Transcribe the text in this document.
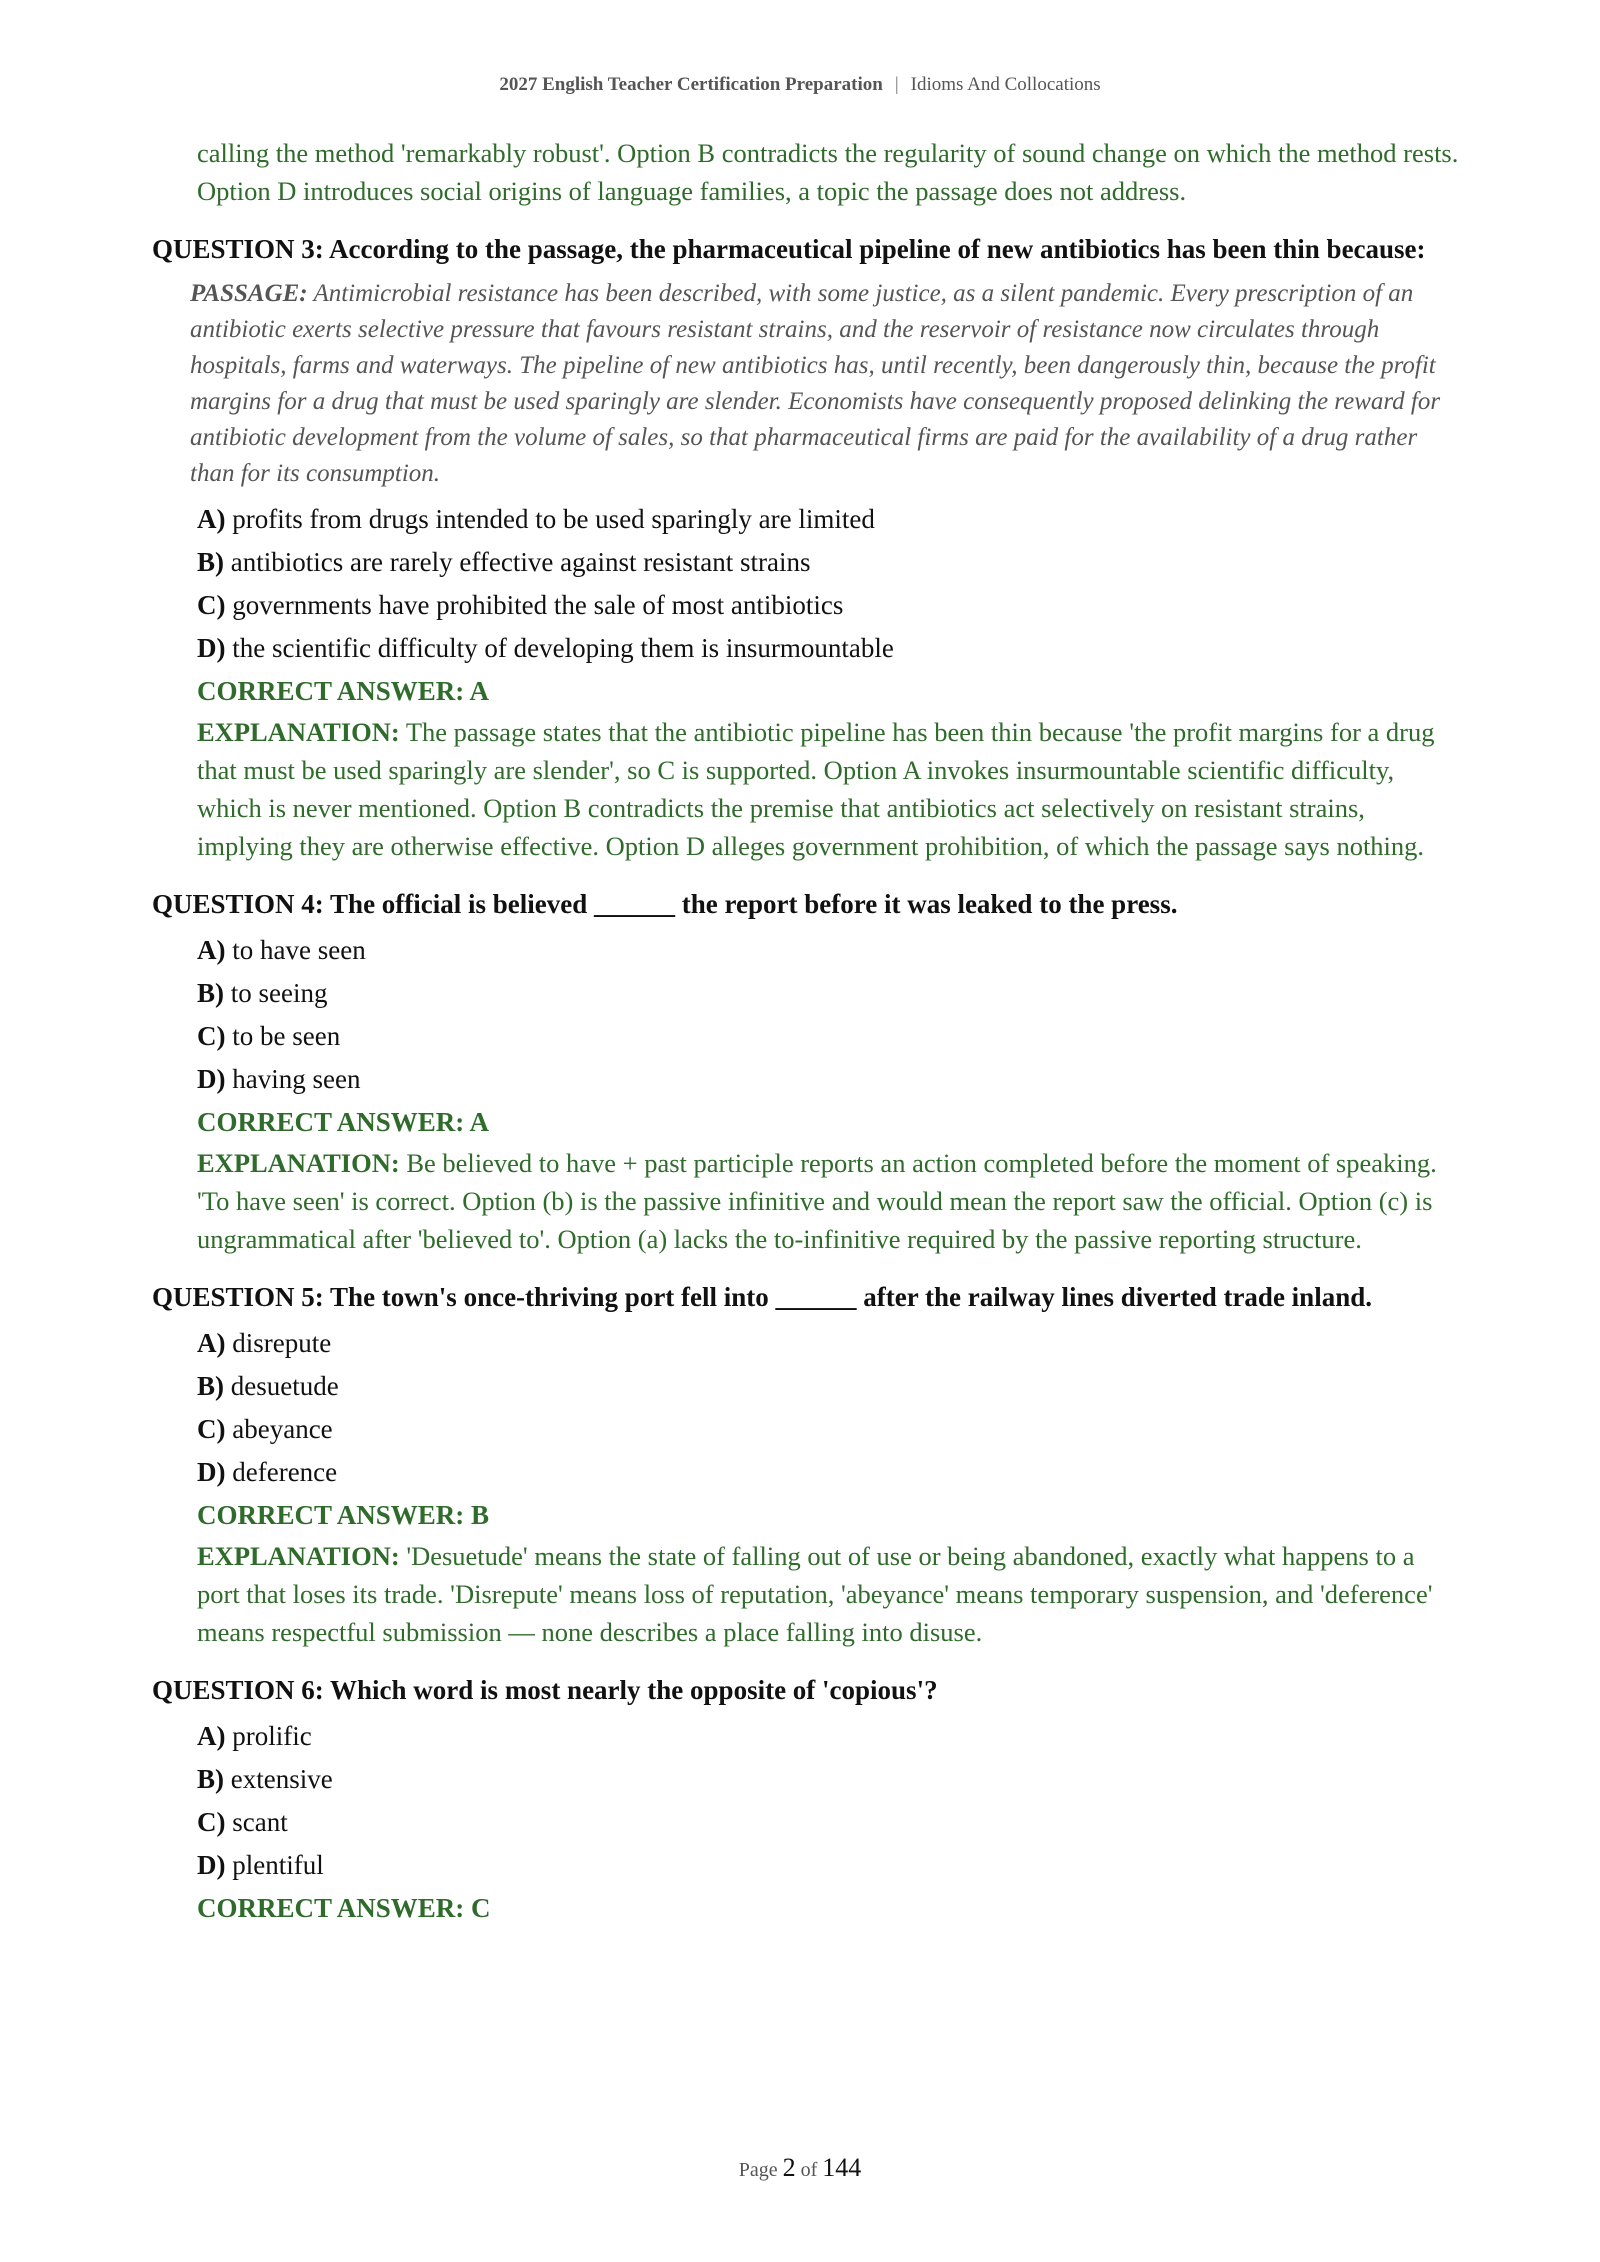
2027 English Teacher Certification Preparation | Idioms And Collocations
calling the method 'remarkably robust'. Option B contradicts the regularity of sound change on which the method rests. Option D introduces social origins of language families, a topic the passage does not address.
QUESTION 3: According to the passage, the pharmaceutical pipeline of new antibiotics has been thin because:
PASSAGE: Antimicrobial resistance has been described, with some justice, as a silent pandemic. Every prescription of an antibiotic exerts selective pressure that favours resistant strains, and the reservoir of resistance now circulates through hospitals, farms and waterways. The pipeline of new antibiotics has, until recently, been dangerously thin, because the profit margins for a drug that must be used sparingly are slender. Economists have consequently proposed delinking the reward for antibiotic development from the volume of sales, so that pharmaceutical firms are paid for the availability of a drug rather than for its consumption.
A) profits from drugs intended to be used sparingly are limited
B) antibiotics are rarely effective against resistant strains
C) governments have prohibited the sale of most antibiotics
D) the scientific difficulty of developing them is insurmountable
CORRECT ANSWER: A
EXPLANATION: The passage states that the antibiotic pipeline has been thin because 'the profit margins for a drug that must be used sparingly are slender', so C is supported. Option A invokes insurmountable scientific difficulty, which is never mentioned. Option B contradicts the premise that antibiotics act selectively on resistant strains, implying they are otherwise effective. Option D alleges government prohibition, of which the passage says nothing.
QUESTION 4: The official is believed ______ the report before it was leaked to the press.
A) to have seen
B) to seeing
C) to be seen
D) having seen
CORRECT ANSWER: A
EXPLANATION: Be believed to have + past participle reports an action completed before the moment of speaking. 'To have seen' is correct. Option (b) is the passive infinitive and would mean the report saw the official. Option (c) is ungrammatical after 'believed to'. Option (a) lacks the to-infinitive required by the passive reporting structure.
QUESTION 5: The town's once-thriving port fell into ______ after the railway lines diverted trade inland.
A) disrepute
B) desuetude
C) abeyance
D) deference
CORRECT ANSWER: B
EXPLANATION: 'Desuetude' means the state of falling out of use or being abandoned, exactly what happens to a port that loses its trade. 'Disrepute' means loss of reputation, 'abeyance' means temporary suspension, and 'deference' means respectful submission — none describes a place falling into disuse.
QUESTION 6: Which word is most nearly the opposite of 'copious'?
A) prolific
B) extensive
C) scant
D) plentiful
CORRECT ANSWER: C
Page 2 of 144
